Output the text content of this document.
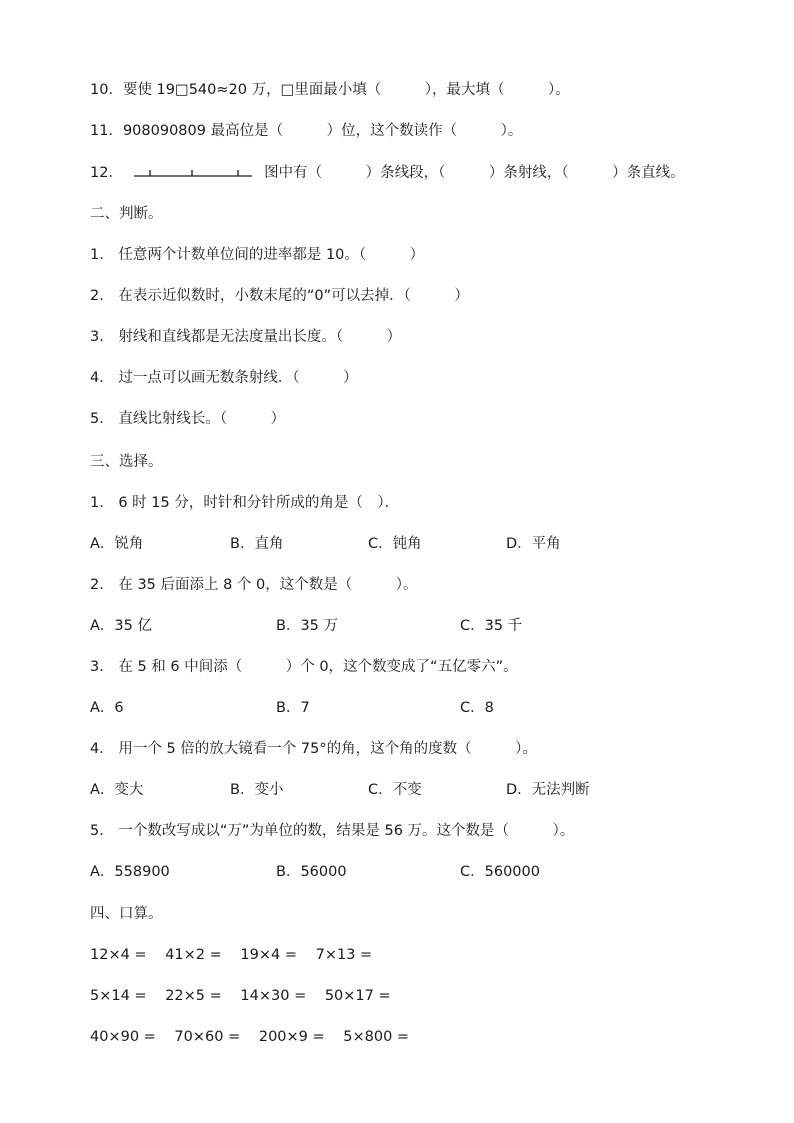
10．要使 19□540≈20 万，□里面最小填（　　　），最大填（　　　）。
11．908090809 最高位是（　　　）位，这个数读作（　　　）。
12．	图中有（　　　）条线段，（　　　）条射线，（　　　）条直线。
二、判断。
1． 任意两个计数单位间的进率都是 10。（　　　）
2． 在表示近似数时，小数末尾的“0”可以去掉．（　　　）
3． 射线和直线都是无法度量出长度。（　　　）
4． 过一点可以画无数条射线．（　　　）
5． 直线比射线长。（　　　）
三、选择。
1． 6 时 15 分，时针和分针所成的角是（　）．
A．锐角	B．直角	C．钝角	D．平角
2． 在 35 后面添上 8 个 0，这个数是（　　　）。
A．35 亿	B．35 万	C．35 千
3． 在 5 和 6 中间添（　　　）个 0，这个数变成了“五亿零六”。
A．6	B．7	C．8
4． 用一个 5 倍的放大镜看一个 75°的角，这个角的度数（　　　）。
A．变大	B．变小	C．不变	D．无法判断
5． 一个数改写成以“万”为单位的数，结果是 56 万。这个数是（　　　）。
A．558900	B．56000	C．560000
四、口算。
12×4 = 41×2 = 19×4 = 7×13 =
5×14 = 22×5 = 14×30 = 50×17 =
40×90 = 70×60 = 200×9 = 5×800 =
